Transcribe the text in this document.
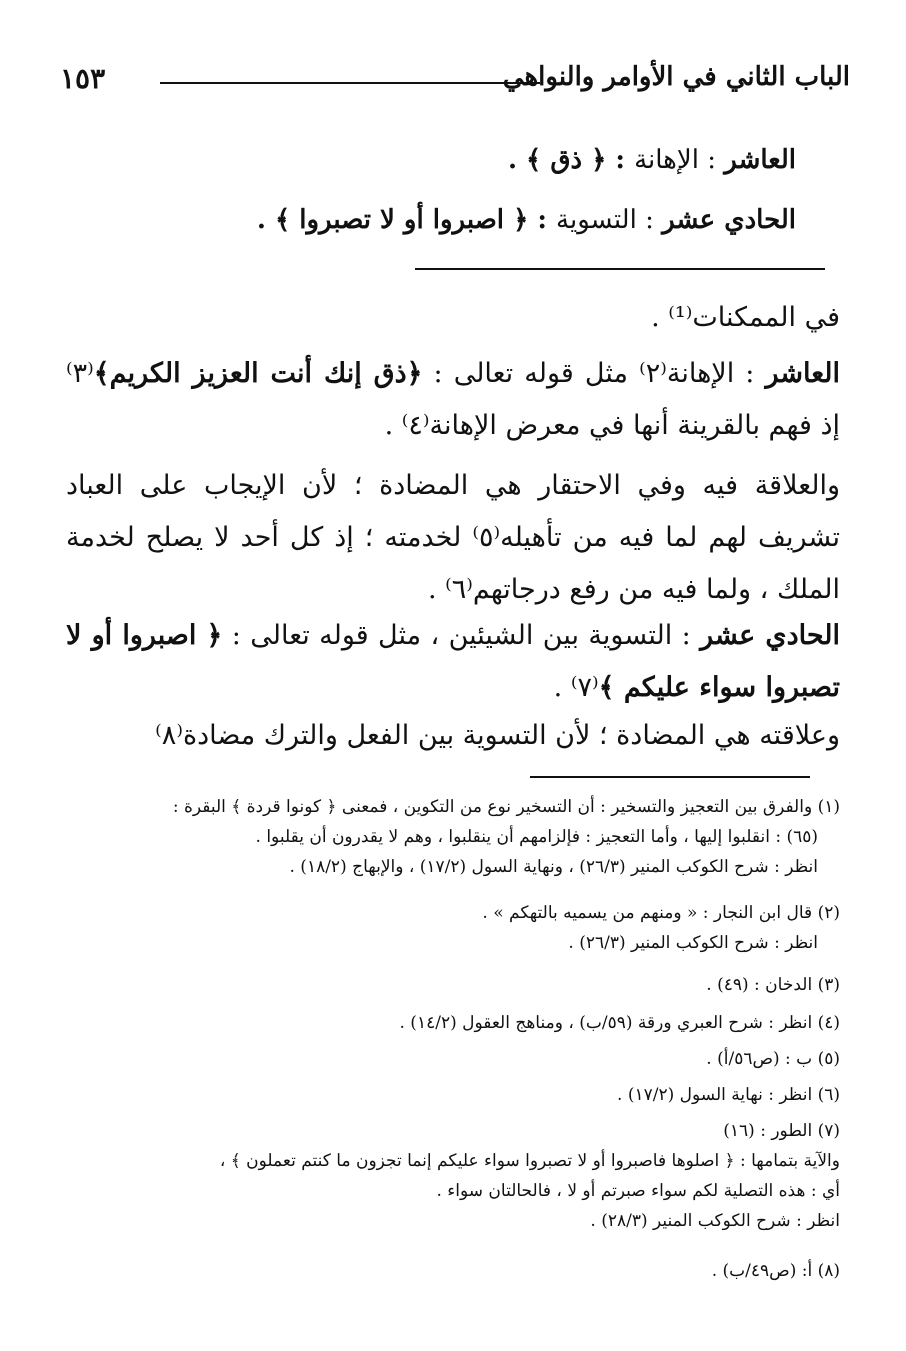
الباب الثاني في الأوامر والنواهي
١٥٣
العاشر : الإهانة : ﴿ ذق ﴾ .
الحادي عشر : التسوية : ﴿ اصبروا أو لا تصبروا ﴾ .
في الممكنات⁽¹⁾ .
العاشر : الإهانة⁽٢⁾ مثل قوله تعالى : ﴿ذق إنك أنت العزيز الكريم﴾⁽٣⁾ إذ فهم بالقرينة أنها في معرض الإهانة⁽٤⁾ .
والعلاقة فيه وفي الاحتقار هي المضادة ؛ لأن الإيجاب على العباد تشريف لهم لما فيه من تأهيله⁽٥⁾ لخدمته ؛ إذ كل أحد لا يصلح لخدمة الملك ، ولما فيه من رفع درجاتهم⁽٦⁾ .
الحادي عشر : التسوية بين الشيئين ، مثل قوله تعالى : ﴿ اصبروا أو لا تصبروا سواء عليكم ﴾⁽٧⁾ .
وعلاقته هي المضادة ؛ لأن التسوية بين الفعل والترك مضادة⁽٨⁾
(١) والفرق بين التعجيز والتسخير : أن التسخير نوع من التكوين ، فمعنى ﴿ كونوا قردة ﴾ البقرة :
(٦٥) : انقلبوا إليها ، وأما التعجيز : فإلزامهم أن ينقلبوا ، وهم لا يقدرون أن يقلبوا .
انظر : شرح الكوكب المنير (٢٦/٣) ، ونهاية السول (١٧/٢) ، والإبهاج (١٨/٢) .
(٢) قال ابن النجار : « ومنهم من يسميه بالتهكم » .
انظر : شرح الكوكب المنير (٢٦/٣) .
(٣) الدخان : (٤٩) .
(٤) انظر : شرح العبري ورقة (٥٩/ب) ، ومناهج العقول (١٤/٢) .
(٥) ب : (ص٥٦/أ) .
(٦) انظر : نهاية السول (١٧/٢) .
(٧) الطور : (١٦)
والآية بتمامها : ﴿ اصلوها فاصبروا أو لا تصبروا سواء عليكم إنما تجزون ما كنتم تعملون ﴾ ،
أي : هذه التصلية لكم سواء صبرتم أو لا ، فالحالتان سواء .
انظر : شرح الكوكب المنير (٢٨/٣) .
(٨) أ: (ص٤٩/ب) .
